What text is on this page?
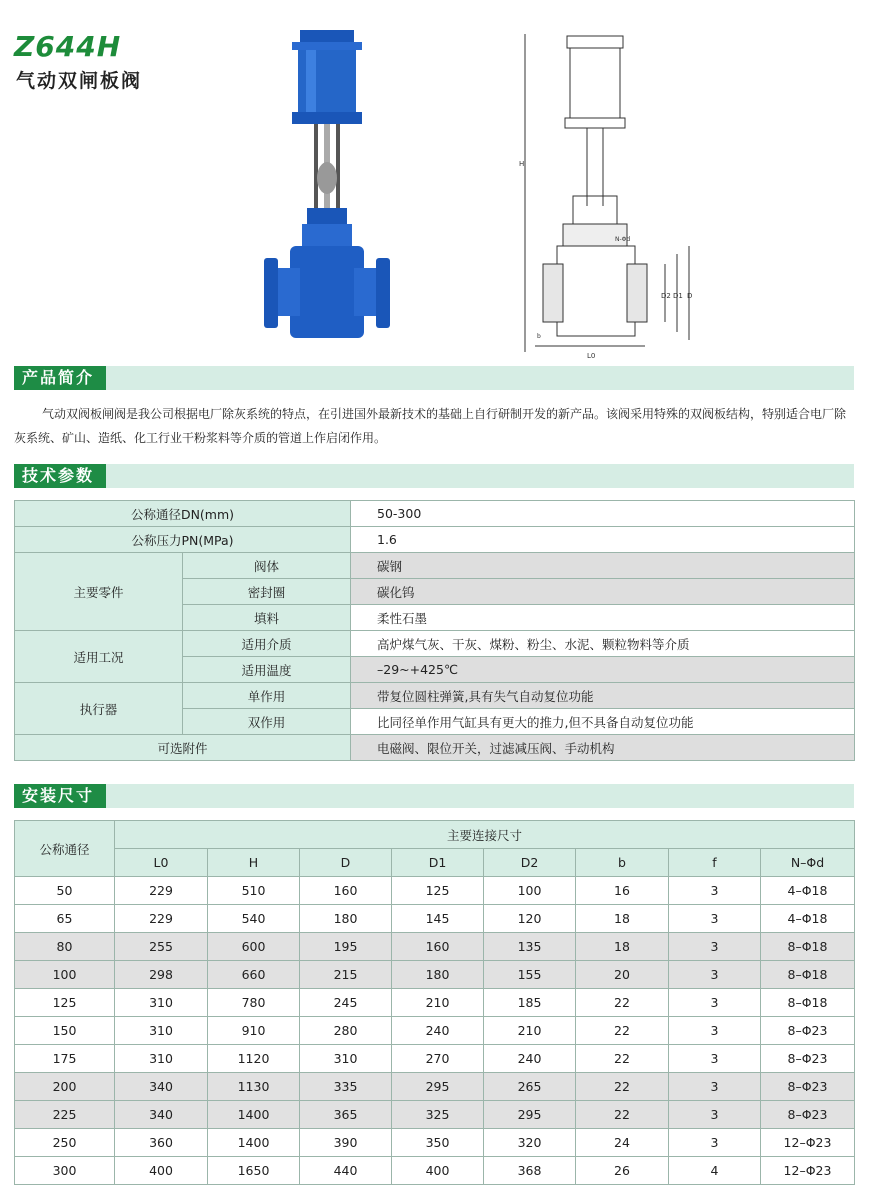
Z644H
气动双闸板阀
H
L0
D2 D1 D
b
N-Φd
产品简介
气动双阀板闸阀是我公司根据电厂除灰系统的特点，在引进国外最新技术的基础上自行研制开发的新产品。该阀采用特殊的双阀板结构，特别适合电厂除灰系统、矿山、造纸、化工行业干粉浆料等介质的管道上作启闭作用。
技术参数
公称通径DN(mm)		50-300
公称压力PN(MPa)		1.6
主要零件	阀体	碳钢
	密封圈	碳化钨
	填料	柔性石墨
适用工况	适用介质	高炉煤气灰、干灰、煤粉、粉尘、水泥、颗粒物料等介质
	适用温度	–29~+425℃
执行器	单作用	带复位圆柱弹簧,具有失气自动复位功能
	双作用	比同径单作用气缸具有更大的推力,但不具备自动复位功能
可选附件		电磁阀、限位开关，过滤减压阀、手动机构
安装尺寸
公称通径	主要连接尺寸							
	L0	H	D	D1	D2	b	f	N–Φd
50	229	510	160	125	100	16	3	4–Φ18
65	229	540	180	145	120	18	3	4–Φ18
80	255	600	195	160	135	18	3	8–Φ18
100	298	660	215	180	155	20	3	8–Φ18
125	310	780	245	210	185	22	3	8–Φ18
150	310	910	280	240	210	22	3	8–Φ23
175	310	1120	310	270	240	22	3	8–Φ23
200	340	1130	335	295	265	22	3	8–Φ23
225	340	1400	365	325	295	22	3	8–Φ23
250	360	1400	390	350	320	24	3	12–Φ23
300	400	1650	440	400	368	26	4	12–Φ23
